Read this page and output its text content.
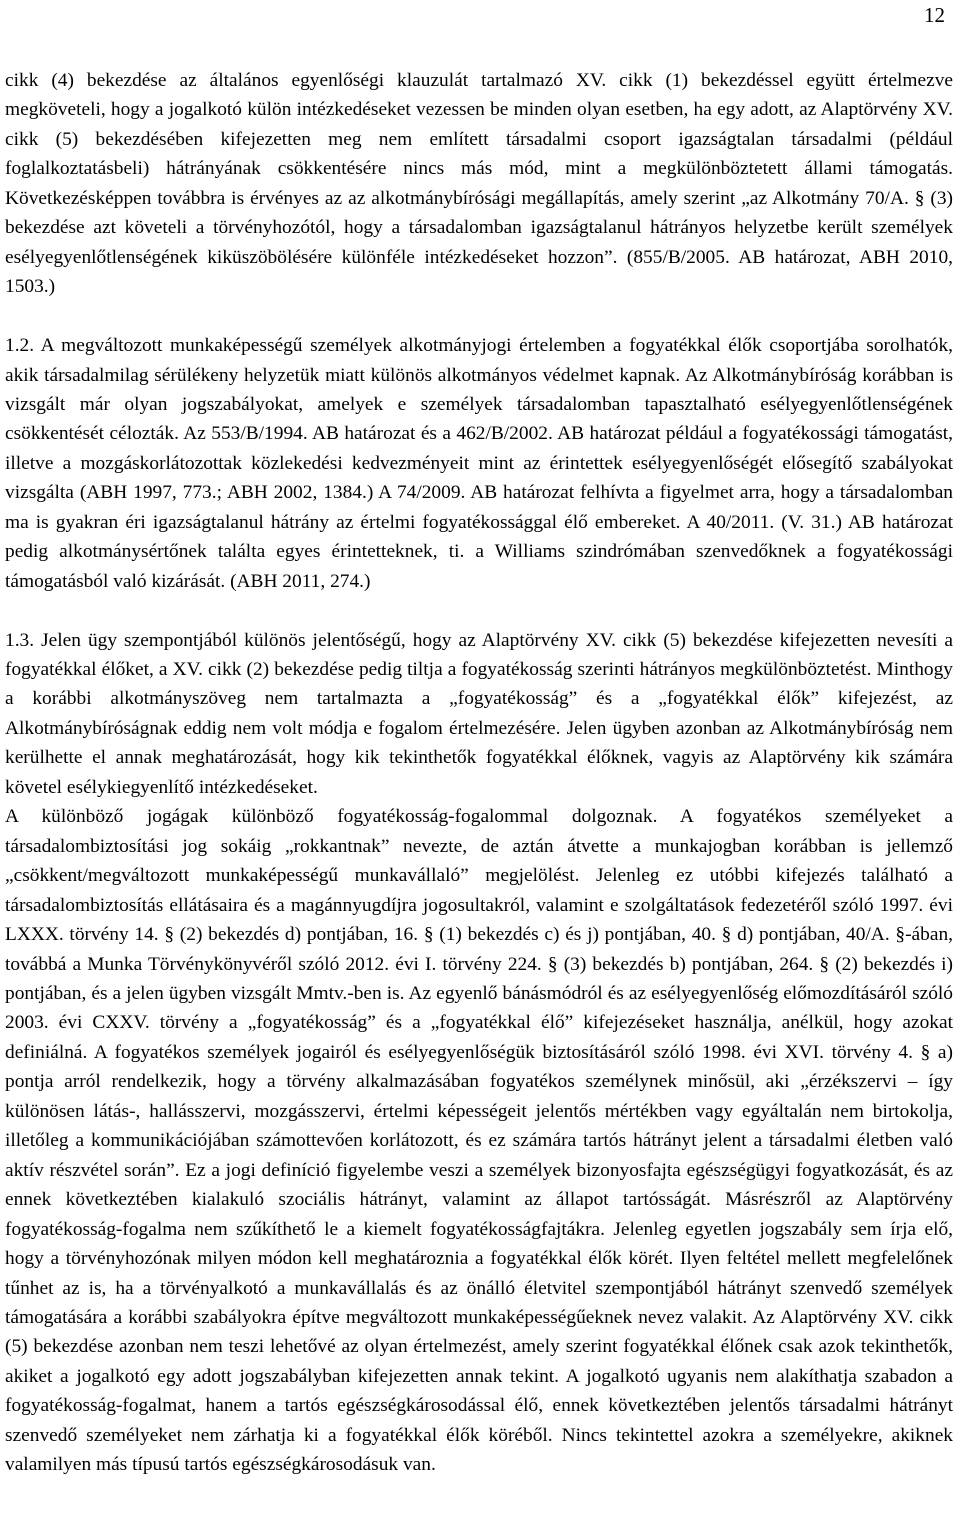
12

cikk (4) bekezdése az általános egyenlőségi klauzulát tartalmazó XV. cikk (1) bekezdéssel együtt értelmezve megköveteli, hogy a jogalkotó külön intézkedéseket vezessen be minden olyan esetben, ha egy adott, az Alaptörvény XV. cikk (5) bekezdésében kifejezetten meg nem említett társadalmi csoport igazságtalan társadalmi (például foglalkoztatásbeli) hátrányának csökkentésére nincs más mód, mint a megkülönböztetett állami támogatás. Következésképpen továbbra is érvényes az az alkotmánybírósági megállapítás, amely szerint „az Alkotmány 70/A. § (3) bekezdése azt követeli a törvényhozótól, hogy a társadalomban igazságtalanul hátrányos helyzetbe került személyek esélyegyenlőtlenségének kiküszöbölésére különféle intézkedéseket hozzon”. (855/B/2005. AB határozat, ABH 2010, 1503.)

1.2. A megváltozott munkaképességű személyek alkotmányjogi értelemben a fogyatékkal élők csoportjába sorolhatók, akik társadalmilag sérülékeny helyzetük miatt különös alkotmányos védelmet kapnak. Az Alkotmánybíróság korábban is vizsgált már olyan jogszabályokat, amelyek e személyek társadalomban tapasztalható esélyegyenlőtlenségének csökkentését célozták. Az 553/B/1994. AB határozat és a 462/B/2002. AB határozat például a fogyatékossági támogatást, illetve a mozgáskorlátozottak közlekedési kedvezményeit mint az érintettek esélyegyenlőségét elősegítő szabályokat vizsgálta (ABH 1997, 773.; ABH 2002, 1384.) A 74/2009. AB határozat felhívta a figyelmet arra, hogy a társadalomban ma is gyakran éri igazságtalanul hátrány az értelmi fogyatékossággal élő embereket. A 40/2011. (V. 31.) AB határozat pedig alkotmánysértőnek találta egyes érintetteknek, ti. a Williams szindrómában szenvedőknek a fogyatékossági támogatásból való kizárását. (ABH 2011, 274.)

1.3. Jelen ügy szempontjából különös jelentőségű, hogy az Alaptörvény XV. cikk (5) bekezdése kifejezetten nevesíti a fogyatékkal élőket, a XV. cikk (2) bekezdése pedig tiltja a fogyatékosság szerinti hátrányos megkülönböztetést. Minthogy a korábbi alkotmányszöveg nem tartalmazta a „fogyatékosság” és a „fogyatékkal élők” kifejezést, az Alkotmánybíróságnak eddig nem volt módja e fogalom értelmezésére. Jelen ügyben azonban az Alkotmánybíróság nem kerülhette el annak meghatározását, hogy kik tekinthetők fogyatékkal élőknek, vagyis az Alaptörvény kik számára követel esélykiegyenlítő intézkedéseket.

A különböző jogágak különböző fogyatékosság-fogalommal dolgoznak. A fogyatékos személyeket a társadalombiztosítási jog sokáig „rokkantnak” nevezte, de aztán átvette a munkajogban korábban is jellemző „csökkent/megváltozott munkaképességű munkavállaló” megjelölést. Jelenleg ez utóbbi kifejezés található a társadalombiztosítás ellátásaira és a magánnyugdíjra jogosultakról, valamint e szolgáltatások fedezetéről szóló 1997. évi LXXX. törvény 14. § (2) bekezdés d) pontjában, 16. § (1) bekezdés c) és j) pontjában, 40. § d) pontjában, 40/A. §-ában, továbbá a Munka Törvénykönyvéről szóló 2012. évi I. törvény 224. § (3) bekezdés b) pontjában, 264. § (2) bekezdés i) pontjában, és a jelen ügyben vizsgált Mmtv.-ben is. Az egyenlő bánásmódról és az esélyegyenlőség előmozdításáról szóló 2003. évi CXXV. törvény a „fogyatékosság” és a „fogyatékkal élő” kifejezéseket használja, anélkül, hogy azokat definiálná. A fogyatékos személyek jogairól és esélyegyenlőségük biztosításáról szóló 1998. évi XVI. törvény 4. § a) pontja arról rendelkezik, hogy a törvény alkalmazásában fogyatékos személynek minősül, aki „érzékszervi – így különösen látás-, hallásszervi, mozgásszervi, értelmi képességeit jelentős mértékben vagy egyáltalán nem birtokolja, illetőleg a kommunikációjában számottevően korlátozott, és ez számára tartós hátrányt jelent a társadalmi életben való aktív részvétel során”. Ez a jogi definíció figyelembe veszi a személyek bizonyosfajta egészségügyi fogyatkozását, és az ennek következtében kialakuló szociális hátrányt, valamint az állapot tartósságát. Másrészről az Alaptörvény fogyatékosság-fogalma nem szűkíthető le a kiemelt fogyatékosságfajtákra. Jelenleg egyetlen jogszabály sem írja elő, hogy a törvényhozónak milyen módon kell meghatároznia a fogyatékkal élők körét. Ilyen feltétel mellett megfelelőnek tűnhet az is, ha a törvényalkotó a munkavállalás és az önálló életvitel szempontjából hátrányt szenvedő személyek támogatására a korábbi szabályokra építve megváltozott munkaképességűeknek nevez valakit. Az Alaptörvény XV. cikk (5) bekezdése azonban nem teszi lehetővé az olyan értelmezést, amely szerint fogyatékkal élőnek csak azok tekinthetők, akiket a jogalkotó egy adott jogszabályban kifejezetten annak tekint. A jogalkotó ugyanis nem alakíthatja szabadon a fogyatékosság-fogalmat, hanem a tartós egészségkárosodással élő, ennek következtében jelentős társadalmi hátrányt szenvedő személyeket nem zárhatja ki a fogyatékkal élők köréből. Nincs tekintettel azokra a személyekre, akiknek valamilyen más típusú tartós egészségkárosodásuk van.
